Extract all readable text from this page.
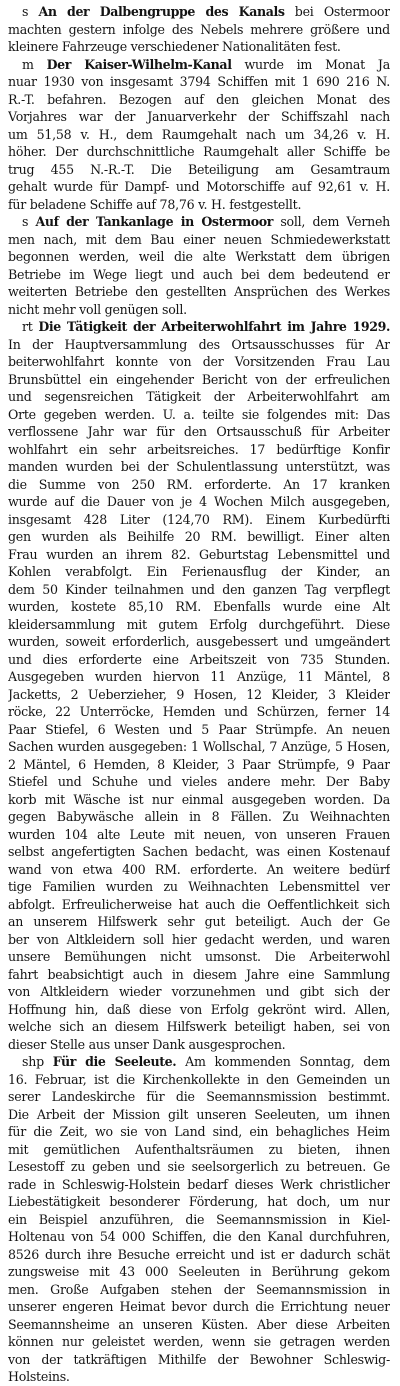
s An der Dalbengruppe des Kanals bei Ostermoor
machten gestern infolge des Nebels mehrere größere und
kleinere Fahrzeuge verschiedener Nationalitäten fest.
m Der Kaiser-Wilhelm-Kanal wurde im Monat Ja
nuar 1930 von insgesamt 3794 Schiffen mit 1 690 216 N.
R.-T. befahren. Bezogen auf den gleichen Monat des
Vorjahres war der Januarverkehr der Schiffszahl nach
um 51,58 v. H., dem Raumgehalt nach um 34,26 v. H.
höher. Der durchschnittliche Raumgehalt aller Schiffe be
trug 455 N.-R.-T. Die Beteiligung am Gesamtraum
gehalt wurde für Dampf- und Motorschiffe auf 92,61 v. H.
für beladene Schiffe auf 78,76 v. H. festgestellt.
s Auf der Tankanlage in Ostermoor soll, dem Verneh
men nach, mit dem Bau einer neuen Schmiedewerkstatt
begonnen werden, weil die alte Werkstatt dem übrigen
Betriebe im Wege liegt und auch bei dem bedeutend er
weiterten Betriebe den gestellten Ansprüchen des Werkes
nicht mehr voll genügen soll.
rt Die Tätigkeit der Arbeiterwohlfahrt im Jahre 1929.
In der Hauptversammlung des Ortsausschusses für Ar
beiterwohlfahrt konnte von der Vorsitzenden Frau Lau
Brunsbüttel ein eingehender Bericht von der erfreulichen
und segensreichen Tätigkeit der Arbeiterwohlfahrt am
Orte gegeben werden. U. a. teilte sie folgendes mit: Das
verflossene Jahr war für den Ortsausschuß für Arbeiter
wohlfahrt ein sehr arbeitsreiches. 17 bedürftige Konfir
manden wurden bei der Schulentlassung unterstützt, was
die Summe von 250 RM. erforderte. An 17 kranken
wurde auf die Dauer von je 4 Wochen Milch ausgegeben,
insgesamt 428 Liter (124,70 RM). Einem Kurbedürfti
gen wurden als Beihilfe 20 RM. bewilligt. Einer alten
Frau wurden an ihrem 82. Geburtstag Lebensmittel und
Kohlen verabfolgt. Ein Ferienausflug der Kinder, an
dem 50 Kinder teilnahmen und den ganzen Tag verpflegt
wurden, kostete 85,10 RM. Ebenfalls wurde eine Alt
kleidersammlung mit gutem Erfolg durchgeführt. Diese
wurden, soweit erforderlich, ausgebessert und umgeändert
und dies erforderte eine Arbeitszeit von 735 Stunden.
Ausgegeben wurden hiervon 11 Anzüge, 11 Mäntel, 8
Jacketts, 2 Ueberzieher, 9 Hosen, 12 Kleider, 3 Kleider
röcke, 22 Unterröcke, Hemden und Schürzen, ferner 14
Paar Stiefel, 6 Westen und 5 Paar Strümpfe. An neuen
Sachen wurden ausgegeben: 1 Wollschal, 7 Anzüge, 5 Hosen,
2 Mäntel, 6 Hemden, 8 Kleider, 3 Paar Strümpfe, 9 Paar
Stiefel und Schuhe und vieles andere mehr. Der Baby
korb mit Wäsche ist nur einmal ausgegeben worden. Da
gegen Babywäsche allein in 8 Fällen. Zu Weihnachten
wurden 104 alte Leute mit neuen, von unseren Frauen
selbst angefertigten Sachen bedacht, was einen Kostenauf
wand von etwa 400 RM. erforderte. An weitere bedürf
tige Familien wurden zu Weihnachten Lebensmittel ver
abfolgt. Erfreulicherweise hat auch die Oeffentlichkeit sich
an unserem Hilfswerk sehr gut beteiligt. Auch der Ge
ber von Altkleidern soll hier gedacht werden, und waren
unsere Bemühungen nicht umsonst. Die Arbeiterwohl
fahrt beabsichtigt auch in diesem Jahre eine Sammlung
von Altkleidern wieder vorzunehmen und gibt sich der
Hoffnung hin, daß diese von Erfolg gekrönt wird. Allen,
welche sich an diesem Hilfswerk beteiligt haben, sei von
dieser Stelle aus unser Dank ausgesprochen.
shp Für die Seeleute. Am kommenden Sonntag, dem
16. Februar, ist die Kirchenkollekte in den Gemeinden un
serer Landeskirche für die Seemannsmission bestimmt.
Die Arbeit der Mission gilt unseren Seeleuten, um ihnen
für die Zeit, wo sie von Land sind, ein behagliches Heim
mit gemütlichen Aufenthaltsräumen zu bieten, ihnen
Lesestoff zu geben und sie seelsorgerlich zu betreuen. Ge
rade in Schleswig-Holstein bedarf dieses Werk christlicher
Liebestätigkeit besonderer Förderung, hat doch, um nur
ein Beispiel anzuführen, die Seemannsmission in Kiel-
Holtenau von 54 000 Schiffen, die den Kanal durchfuhren,
8526 durch ihre Besuche erreicht und ist er dadurch schät
zungsweise mit 43 000 Seeleuten in Berührung gekom
men. Große Aufgaben stehen der Seemannsmission in
unserer engeren Heimat bevor durch die Errichtung neuer
Seemannsheime an unseren Küsten. Aber diese Arbeiten
können nur geleistet werden, wenn sie getragen werden
von der tatkräftigen Mithilfe der Bewohner Schleswig-
Holsteins.
